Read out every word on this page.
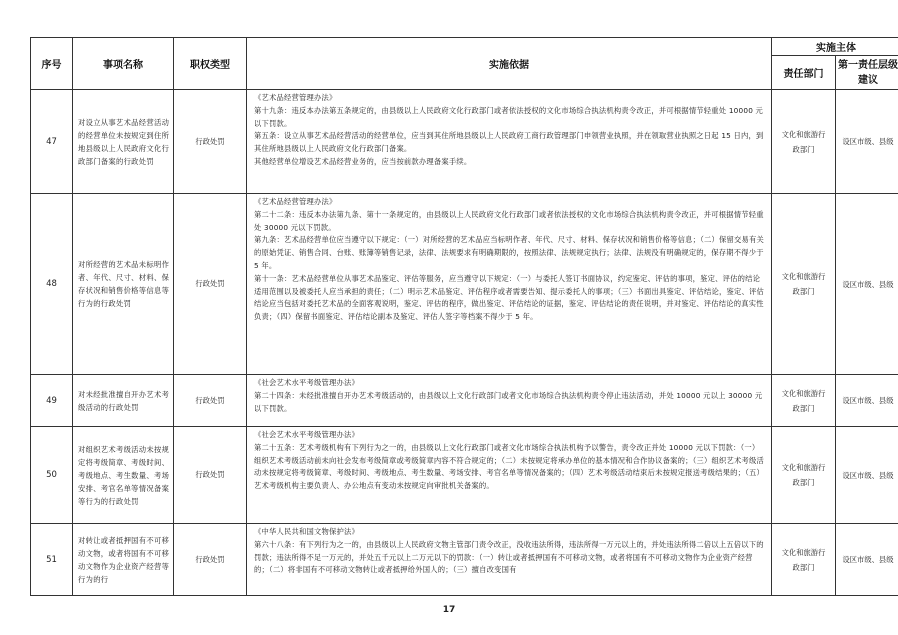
序号	事项名称	职权类型	实施依据	实施主体	
				责任部门	第一责任层级建议
47	对设立从事艺术品经营活动的经营单位未按规定到住所地县级以上人民政府文化行政部门备案的行政处罚	行政处罚	《艺术品经营管理办法》
第十九条：违反本办法第五条规定的，由县级以上人民政府文化行政部门或者依法授权的文化市场综合执法机构责令改正，并可根据情节轻重处 10000 元以下罚款。
第五条：设立从事艺术品经营活动的经营单位，应当到其住所地县级以上人民政府工商行政管理部门申领营业执照，并在领取营业执照之日起 15 日内，到其住所地县级以上人民政府文化行政部门备案。
其他经营单位增设艺术品经营业务的，应当按前款办理备案手续。	文化和旅游行政部门	设区市级、县级
48	对所经营的艺术品未标明作者、年代、尺寸、材料、保存状况和销售价格等信息等行为的行政处罚	行政处罚	《艺术品经营管理办法》
第二十二条：违反本办法第九条、第十一条规定的，由县级以上人民政府文化行政部门或者依法授权的文化市场综合执法机构责令改正，并可根据情节轻重处 30000 元以下罚款。
第九条：艺术品经营单位应当遵守以下规定：（一）对所经营的艺术品应当标明作者、年代、尺寸、材料、保存状况和销售价格等信息；（二）保留交易有关的原始凭证、销售合同、台账、账簿等销售记录，法律、法规要求有明确期限的，按照法律、法规规定执行；法律、法规没有明确规定的，保存期不得少于 5 年。
第十一条：艺术品经营单位从事艺术品鉴定、评估等服务，应当遵守以下规定：（一）与委托人签订书面协议，约定鉴定、评估的事项，鉴定、评估的结论适用范围以及被委托人应当承担的责任；（二）明示艺术品鉴定、评估程序或者需要告知、提示委托人的事项；（三）书面出具鉴定、评估结论，鉴定、评估结论应当包括对委托艺术品的全面客观说明，鉴定、评估的程序，做出鉴定、评估结论的证据，鉴定、评估结论的责任说明，并对鉴定、评估结论的真实性负责；（四）保留书面鉴定、评估结论副本及鉴定、评估人签字等档案不得少于 5 年。	文化和旅游行政部门	设区市级、县级
49	对未经批准擅自开办艺术考级活动的行政处罚	行政处罚	《社会艺术水平考级管理办法》
第二十四条：未经批准擅自开办艺术考级活动的，由县级以上文化行政部门或者文化市场综合执法机构责令停止违法活动，并处 10000 元以上 30000 元以下罚款。	文化和旅游行政部门	设区市级、县级
50	对组织艺术考级活动未按规定将考级简章、考级时间、考级地点、考生数量、考场安排、考官名单等情况备案等行为的行政处罚	行政处罚	《社会艺术水平考级管理办法》
第二十五条：艺术考级机构有下列行为之一的，由县级以上文化行政部门或者文化市场综合执法机构予以警告，责令改正并处 10000 元以下罚款：（一）组织艺术考级活动前未向社会发布考级简章或考级简章内容不符合规定的；（二）未按规定将承办单位的基本情况和合作协议备案的；（三）组织艺术考级活动未按规定将考级简章、考级时间、考级地点、考生数量、考场安排、考官名单等情况备案的；（四）艺术考级活动结束后未按规定报送考级结果的；（五）艺术考级机构主要负责人、办公地点有变动未按规定向审批机关备案的。	文化和旅游行政部门	设区市级、县级
51	对转让或者抵押国有不可移动文物，或者将国有不可移动文物作为企业资产经营等行为的行	行政处罚	《中华人民共和国文物保护法》
第六十八条：有下列行为之一的，由县级以上人民政府文物主管部门责令改正，没收违法所得，违法所得一万元以上的，并处违法所得二倍以上五倍以下的罚款；违法所得不足一万元的，并处五千元以上二万元以下的罚款：（一）转让或者抵押国有不可移动文物，或者将国有不可移动文物作为企业资产经营的；（二）将非国有不可移动文物转让或者抵押给外国人的；（三）擅自改变国有	文化和旅游行政部门	设区市级、县级
17
